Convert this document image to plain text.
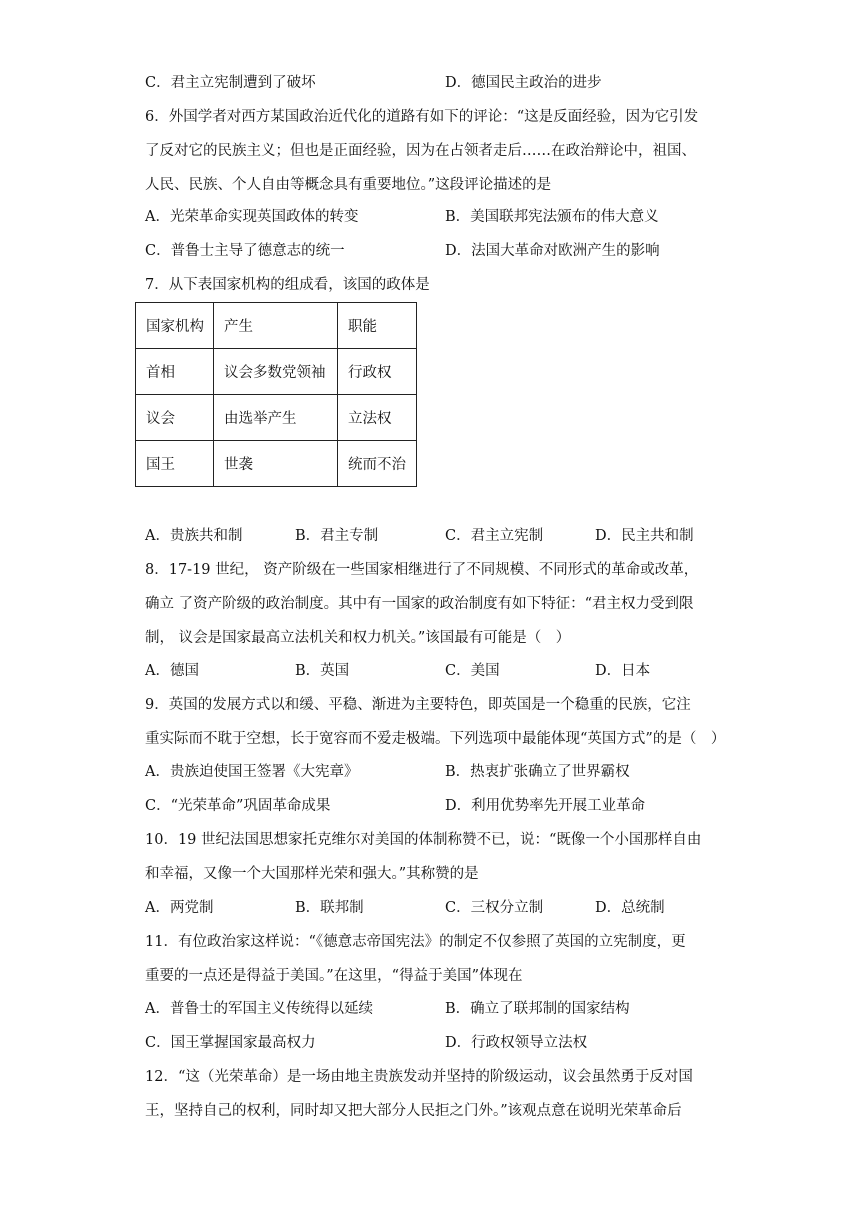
C．君主立宪制遭到了破坏	D．德国民主政治的进步
6．外国学者对西方某国政治近代化的道路有如下的评论：“这是反面经验，因为它引发
了反对它的民族主义；但也是正面经验，因为在占领者走后……在政治辩论中，祖国、
人民、民族、个人自由等概念具有重要地位。”这段评论描述的是
A．光荣革命实现英国政体的转变	B．美国联邦宪法颁布的伟大意义
C．普鲁士主导了德意志的统一	D．法国大革命对欧洲产生的影响
7．从下表国家机构的组成看，该国的政体是
国家机构	产生	职能
首相	议会多数党领袖	行政权
议会	由选举产生	立法权
国王	世袭	统而不治
A．贵族共和制	B．君主专制	C．君主立宪制	D．民主共和制
8．17-19 世纪， 资产阶级在一些国家相继进行了不同规模、不同形式的革命或改革，
确立 了资产阶级的政治制度。其中有一国家的政治制度有如下特征：“君主权力受到限
制， 议会是国家最高立法机关和权力机关。”该国最有可能是（　）
A．德国	B．英国	C．美国	D．日本
9．英国的发展方式以和缓、平稳、渐进为主要特色，即英国是一个稳重的民族，它注
重实际而不耽于空想，长于宽容而不爱走极端。下列选项中最能体现“英国方式”的是（　）
A．贵族迫使国王签署《大宪章》	B．热衷扩张确立了世界霸权
C．“光荣革命”巩固革命成果	D．利用优势率先开展工业革命
10．19 世纪法国思想家托克维尔对美国的体制称赞不已，说：“既像一个小国那样自由
和幸福，又像一个大国那样光荣和强大。”其称赞的是
A．两党制	B．联邦制	C．三权分立制	D．总统制
11．有位政治家这样说：“《德意志帝国宪法》的制定不仅参照了英国的立宪制度，更
重要的一点还是得益于美国。”在这里，“得益于美国”体现在
A．普鲁士的军国主义传统得以延续	B．确立了联邦制的国家结构
C．国王掌握国家最高权力	D．行政权领导立法权
12．“这（光荣革命）是一场由地主贵族发动并坚持的阶级运动，议会虽然勇于反对国
王，坚持自己的权利，同时却又把大部分人民拒之门外。”该观点意在说明光荣革命后
